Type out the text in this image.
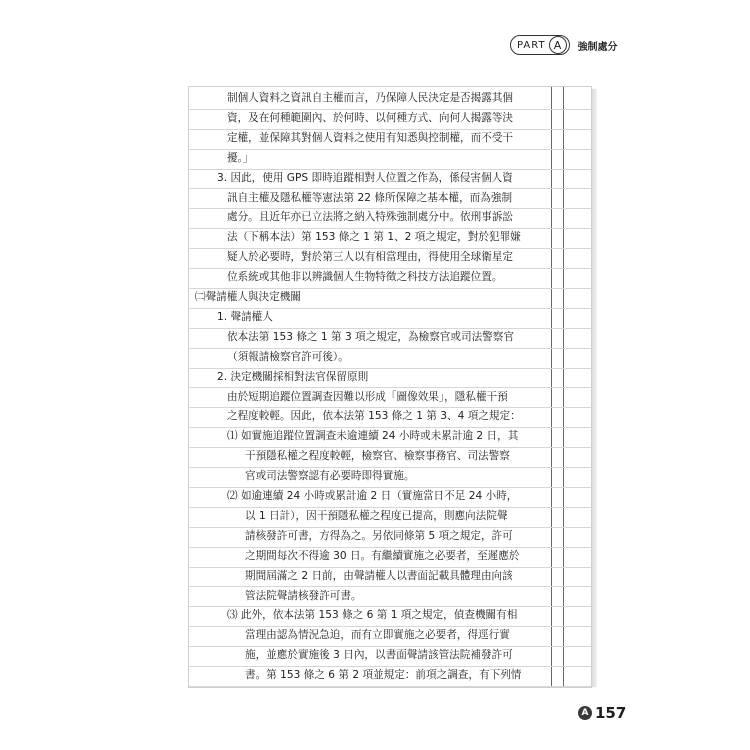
PART A	強制處分
制個人資料之資訊自主權而言，乃保障人民決定是否揭露其個
資，及在何種範圍內、於何時、以何種方式、向何人揭露等決
定權，並保障其對個人資料之使用有知悉與控制權，而不受干
擾。」
3. 因此，使用 GPS 即時追蹤相對人位置之作為，係侵害個人資
訊自主權及隱私權等憲法第 22 條所保障之基本權，而為強制
處分。且近年亦已立法將之納入特殊強制處分中。依刑事訴訟
法（下稱本法）第 153 條之 1 第 1、2 項之規定，對於犯罪嫌
疑人於必要時，對於第三人以有相當理由，得使用全球衛星定
位系統或其他非以辨識個人生物特徵之科技方法追蹤位置。
㈡聲請權人與決定機關
1. 聲請權人
依本法第 153 條之 1 第 3 項之規定，為檢察官或司法警察官
（須報請檢察官許可後）。
2. 決定機關採相對法官保留原則
由於短期追蹤位置調查因難以形成「圖像效果」，隱私權干預
之程度較輕。因此，依本法第 153 條之 1 第 3、4 項之規定：
⑴ 如實施追蹤位置調查未逾連續 24 小時或未累計逾 2 日，其
干預隱私權之程度較輕，檢察官、檢察事務官、司法警察
官或司法警察認有必要時即得實施。
⑵ 如逾連續 24 小時或累計逾 2 日（實施當日不足 24 小時，
以 1 日計），因干預隱私權之程度已提高，則應向法院聲
請核發許可書，方得為之。另依同條第 5 項之規定，許可
之期間每次不得逾 30 日。有繼續實施之必要者，至遲應於
期間屆滿之 2 日前，由聲請權人以書面記載具體理由向該
管法院聲請核發許可書。
⑶ 此外，依本法第 153 條之 6 第 1 項之規定，偵查機關有相
當理由認為情況急迫，而有立即實施之必要者，得逕行實
施，並應於實施後 3 日內，以書面聲請該管法院補發許可
書。第 153 條之 6 第 2 項並規定：前項之調查，有下列情
A 157
